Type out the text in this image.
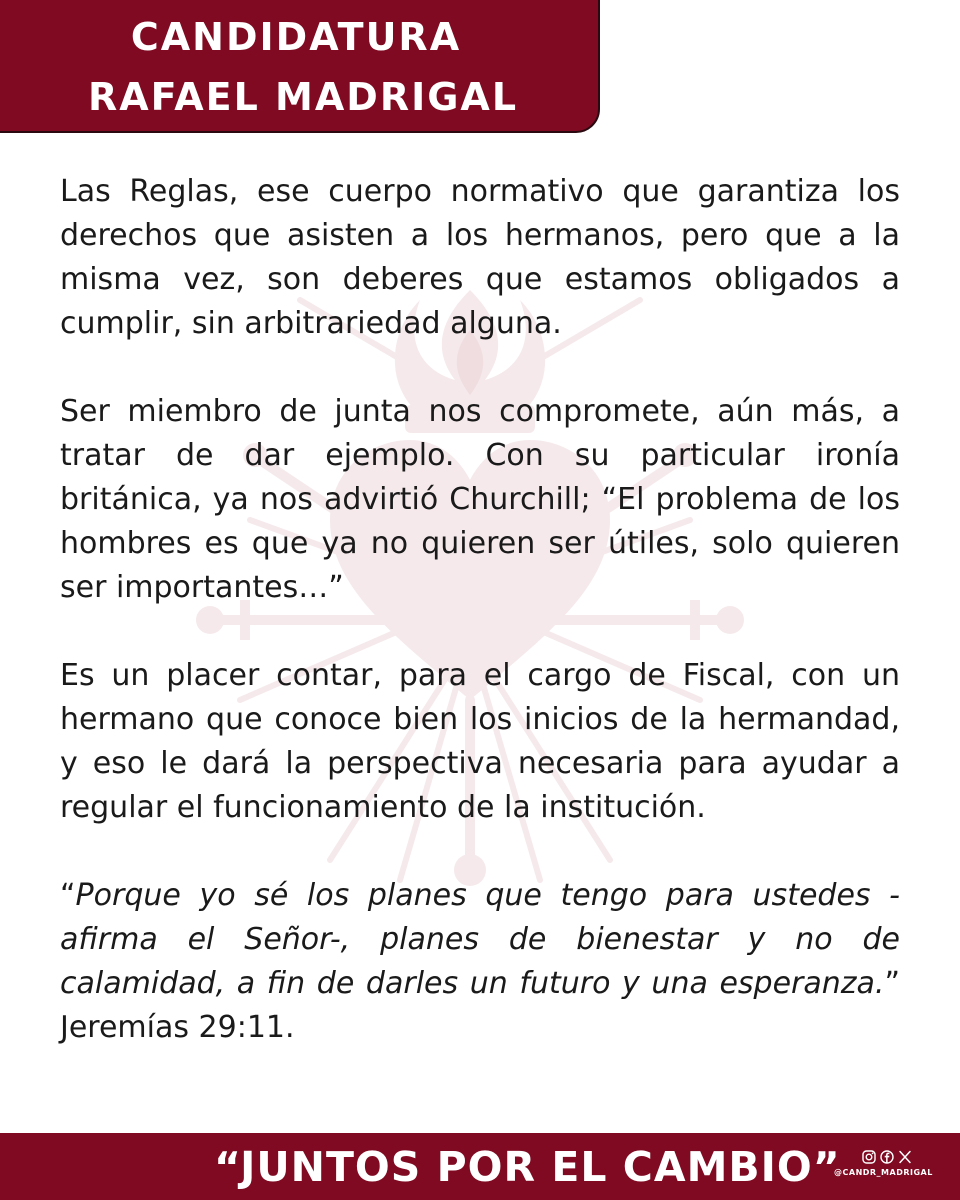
CANDIDATURA
RAFAEL MADRIGAL

Las Reglas, ese cuerpo normativo que garantiza los derechos que asisten a los hermanos, pero que a la misma vez, son deberes que estamos obligados a cumplir, sin arbitrariedad alguna.

Ser miembro de junta nos compromete, aún más, a tratar de dar ejemplo. Con su particular ironía británica, ya nos advirtió Churchill; “El problema de los hombres es que ya no quieren ser útiles, solo quieren ser importantes…”

Es un placer contar, para el cargo de Fiscal, con un hermano que conoce bien los inicios de la hermandad, y eso le dará la perspectiva necesaria para ayudar a regular el funcionamiento de la institución.

“Porque yo sé los planes que tengo para ustedes -afirma el Señor-, planes de bienestar y no de calamidad, a fin de darles un futuro y una esperanza.” Jeremías 29:11.

“JUNTOS POR EL CAMBIO”
@CANDR_MADRIGAL
